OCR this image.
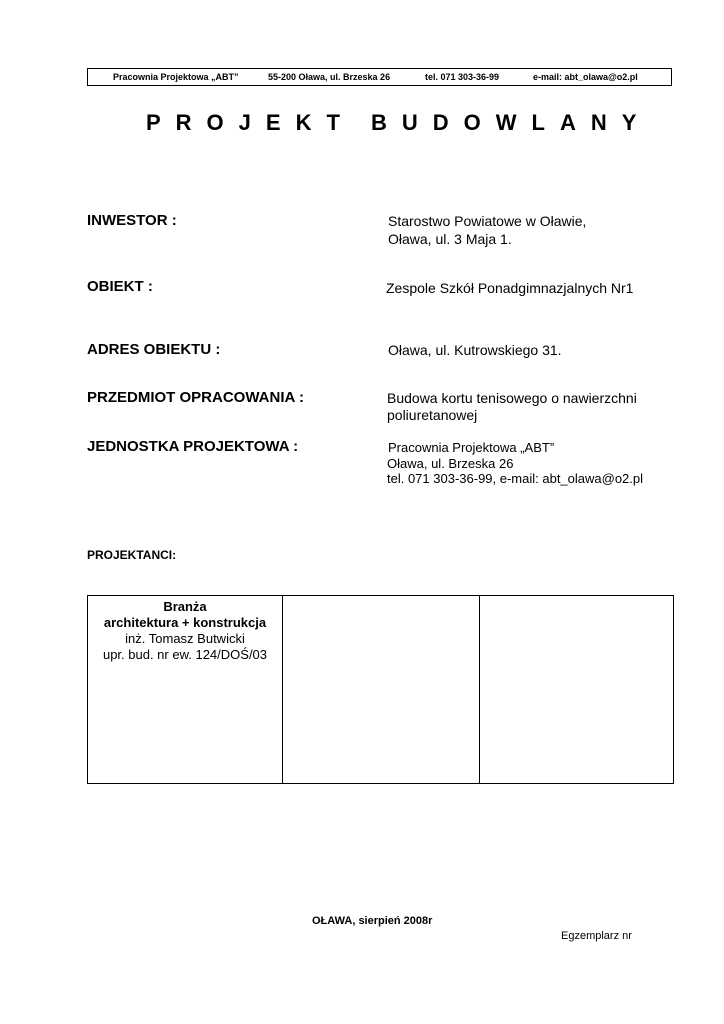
Pracownia Projektowa „ABT”	55-200 Oława, ul. Brzeska 26	tel. 071 303-36-99	e-mail: abt_olawa@o2.pl
PROJEKT BUDOWLANY
INWESTOR :	Starostwo Powiatowe w Oławie,
Oława, ul. 3 Maja 1.
OBIEKT :	Zespole Szkół Ponadgimnazjalnych Nr1
ADRES OBIEKTU :	Oława, ul. Kutrowskiego 31.
PRZEDMIOT OPRACOWANIA :	Budowa kortu tenisowego o nawierzchni
poliuretanowej
JEDNOSTKA PROJEKTOWA :	Pracownia Projektowa „ABT”
Oława, ul. Brzeska 26
tel. 071 303-36-99, e-mail: abt_olawa@o2.pl
PROJEKTANCI:
Branża
architektura + konstrukcja
inż. Tomasz Butwicki
upr. bud. nr ew. 124/DOŚ/03
OŁAWA, sierpień 2008r
Egzemplarz nr
